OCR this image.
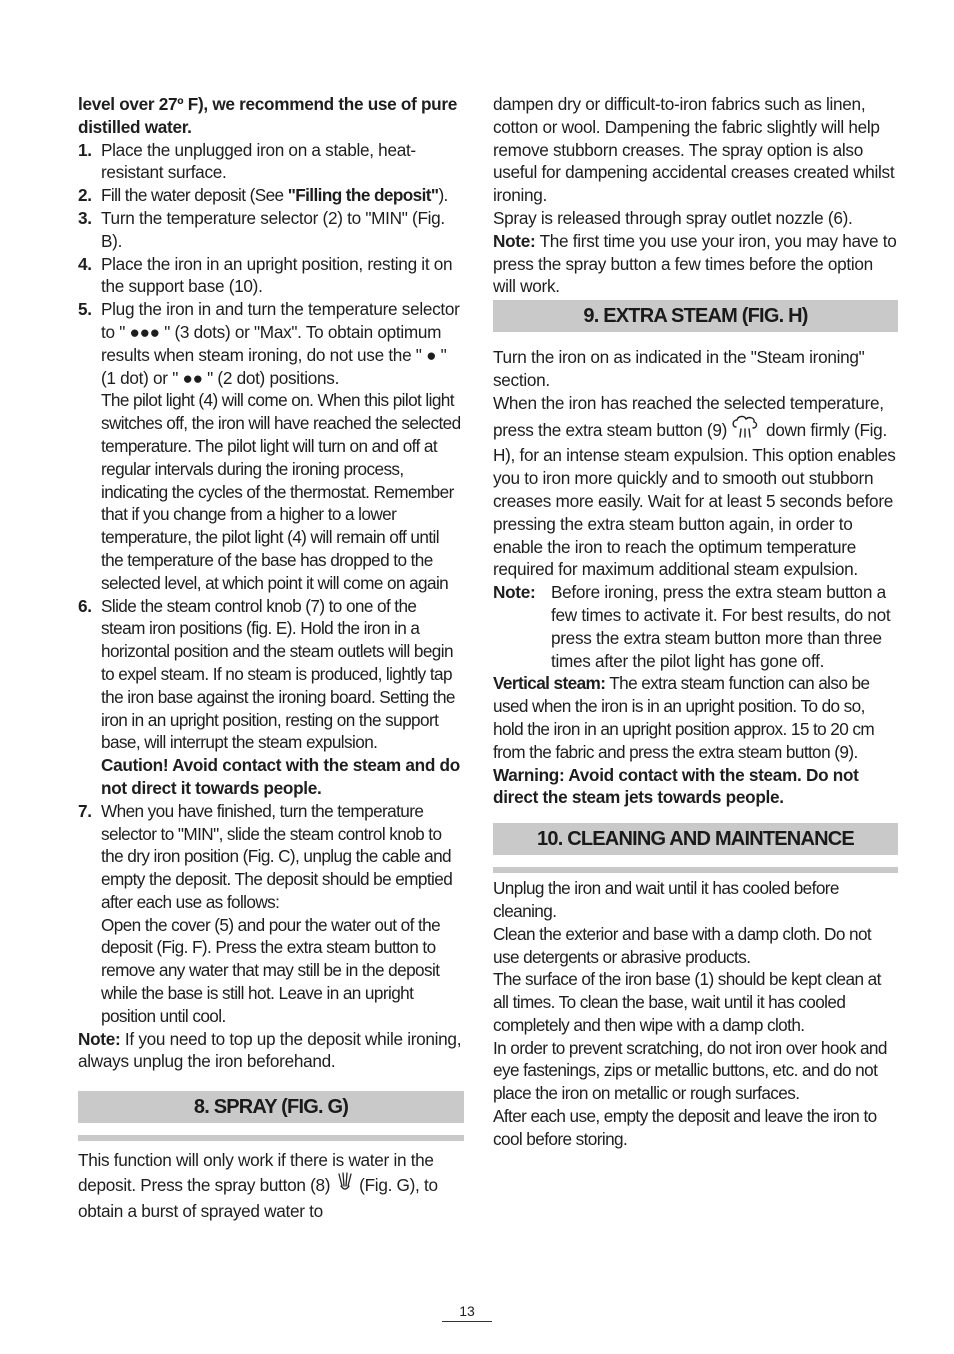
level over 27º F), we recommend the use of pure distilled water.

1. Place the unplugged iron on a stable, heat-resistant surface.

2. Fill the water deposit (See "Filling the deposit").

3. Turn the temperature selector (2) to "MIN" (Fig. B).

4. Place the iron in an upright position, resting it on the support base (10).

5. Plug the iron in and turn the temperature selector to " ●●● " (3 dots) or "Max". To obtain optimum results when steam ironing, do not use the " ● " (1 dot) or " ●● " (2 dot) positions.

The pilot light (4) will come on. When this pilot light switches off, the iron will have reached the selected temperature. The pilot light will turn on and off at regular intervals during the ironing process, indicating the cycles of the thermostat. Remember that if you change from a higher to a lower temperature, the pilot light (4) will remain off until the temperature of the base has dropped to the selected level, at which point it will come on again

6. Slide the steam control knob (7) to one of the steam iron positions (fig. E). Hold the iron in a horizontal position and the steam outlets will begin to expel steam. If no steam is produced, lightly tap the iron base against the ironing board. Setting the iron in an upright position, resting on the support base, will interrupt the steam expulsion.

Caution! Avoid contact with the steam and do not direct it towards people.

7. When you have finished, turn the temperature selector to "MIN", slide the steam control knob to the dry iron position (Fig. C), unplug the cable and empty the deposit. The deposit should be emptied after each use as follows:

Open the cover (5) and pour the water out of the deposit (Fig. F). Press the extra steam button to remove any water that may still be in the deposit while the base is still hot. Leave in an upright position until cool.

Note: If you need to top up the deposit while ironing, always unplug the iron beforehand.

8. SPRAY (FIG. G)

This function will only work if there is water in the deposit. Press the spray button (8)  (Fig. G), to obtain a burst of sprayed water to

dampen dry or difficult-to-iron fabrics such as linen, cotton or wool. Dampening the fabric slightly will help remove stubborn creases. The spray option is also useful for dampening accidental creases created whilst ironing.

Spray is released through spray outlet nozzle (6).

Note: The first time you use your iron, you may have to press the spray button a few times before the option will work.

9. EXTRA STEAM (FIG. H)

Turn the iron on as indicated in the "Steam ironing" section.

When the iron has reached the selected temperature, press the extra steam button (9)  down firmly (Fig. H), for an intense steam expulsion. This option enables you to iron more quickly and to smooth out stubborn creases more easily. Wait for at least 5 seconds before pressing the extra steam button again, in order to enable the iron to reach the optimum temperature required for maximum additional steam expulsion.

Note: Before ironing, press the extra steam button a few times to activate it. For best results, do not press the extra steam button more than three times after the pilot light has gone off.

Vertical steam: The extra steam function can also be used when the iron is in an upright position. To do so, hold the iron in an upright position approx. 15 to 20 cm from the fabric and press the extra steam button (9).

Warning: Avoid contact with the steam. Do not direct the steam jets towards people.

10. CLEANING AND MAINTENANCE

Unplug the iron and wait until it has cooled before cleaning.

Clean the exterior and base with a damp cloth. Do not use detergents or abrasive products.

The surface of the iron base (1) should be kept clean at all times. To clean the base, wait until it has cooled completely and then wipe with a damp cloth.

In order to prevent scratching, do not iron over hook and eye fastenings, zips or metallic buttons, etc. and do not place the iron on metallic or rough surfaces.

After each use, empty the deposit and leave the iron to cool before storing.

13
